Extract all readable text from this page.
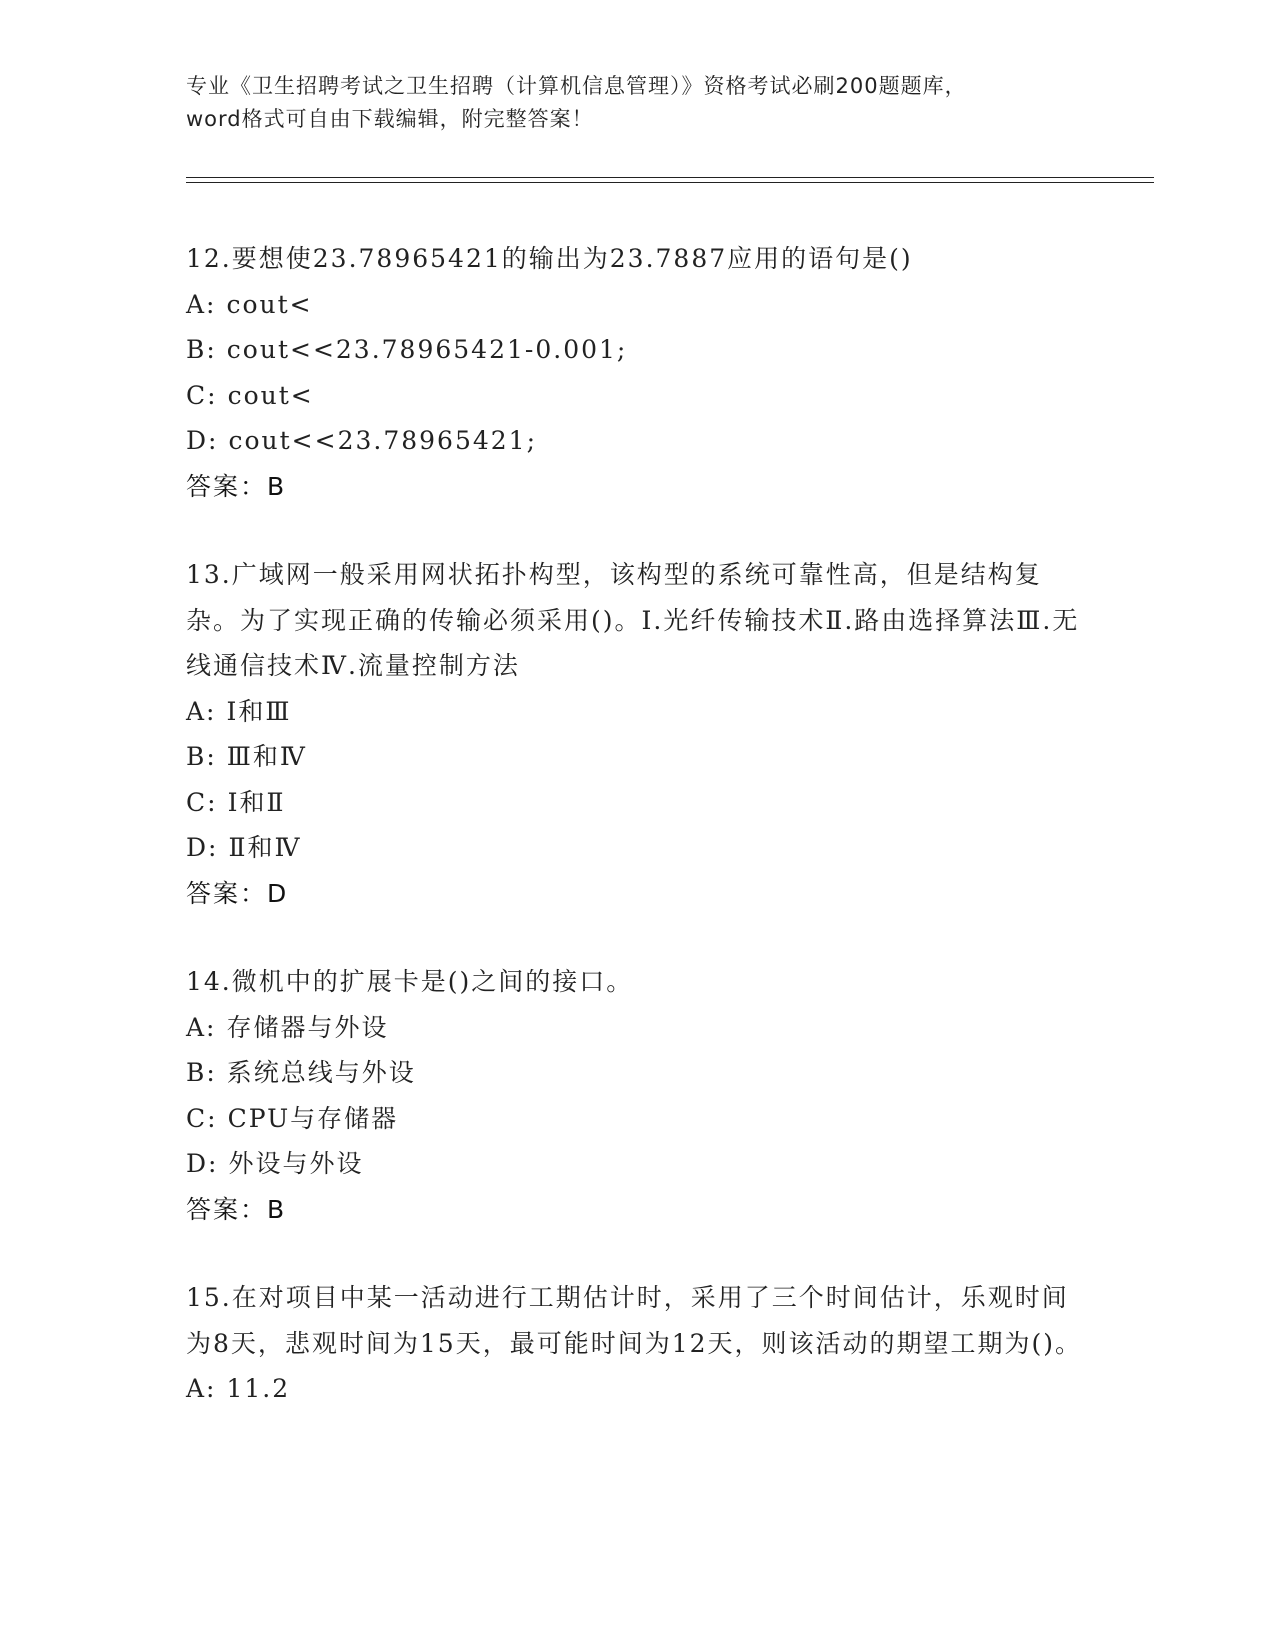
专业《卫生招聘考试之卫生招聘（计算机信息管理）》资格考试必刷200题题库，
word格式可自由下载编辑，附完整答案！
12.要想使23.78965421的输出为23.7887应用的语句是()
A: cout<
B: cout<<23.78965421-0.001;
C: cout<
D: cout<<23.78965421;
答案：B
13.广域网一般采用网状拓扑构型，该构型的系统可靠性高，但是结构复杂。为了实现正确的传输必须采用()。Ⅰ.光纤传输技术Ⅱ.路由选择算法Ⅲ.无线通信技术Ⅳ.流量控制方法
A: Ⅰ和Ⅲ
B: Ⅲ和Ⅳ
C: Ⅰ和Ⅱ
D: Ⅱ和Ⅳ
答案：D
14.微机中的扩展卡是()之间的接口。
A: 存储器与外设
B: 系统总线与外设
C: CPU与存储器
D: 外设与外设
答案：B
15.在对项目中某一活动进行工期估计时，采用了三个时间估计，乐观时间为8天，悲观时间为15天，最可能时间为12天，则该活动的期望工期为()。
A: 11.2
